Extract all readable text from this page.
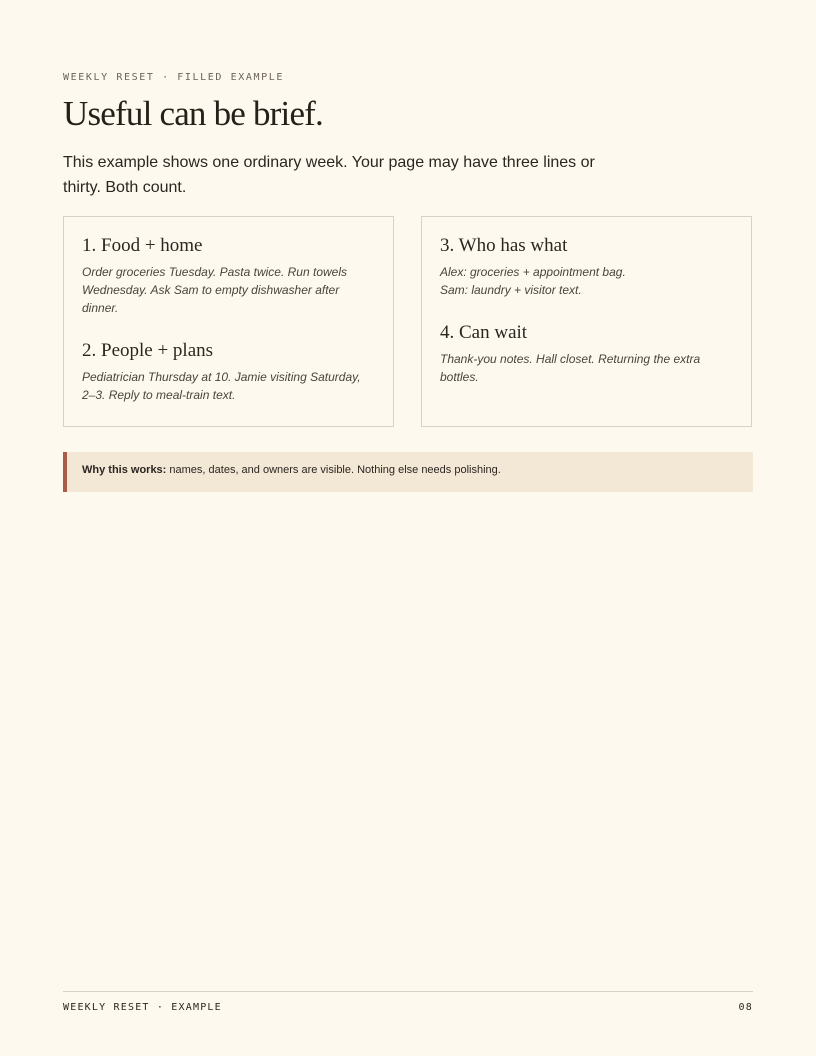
WEEKLY RESET · FILLED EXAMPLE
Useful can be brief.

This example shows one ordinary week. Your page may have three lines or thirty. Both count.

1. Food + home

Order groceries Tuesday. Pasta twice. Run towels Wednesday. Ask Sam to empty dishwasher after dinner.

2. People + plans

Pediatrician Thursday at 10. Jamie visiting Saturday, 2–3. Reply to meal-train text.

3. Who has what

Alex: groceries + appointment bag.
Sam: laundry + visitor text.

4. Can wait

Thank-you notes. Hall closet. Returning the extra bottles.

Why this works: names, dates, and owners are visible. Nothing else needs polishing.
WEEKLY RESET · EXAMPLE	08
